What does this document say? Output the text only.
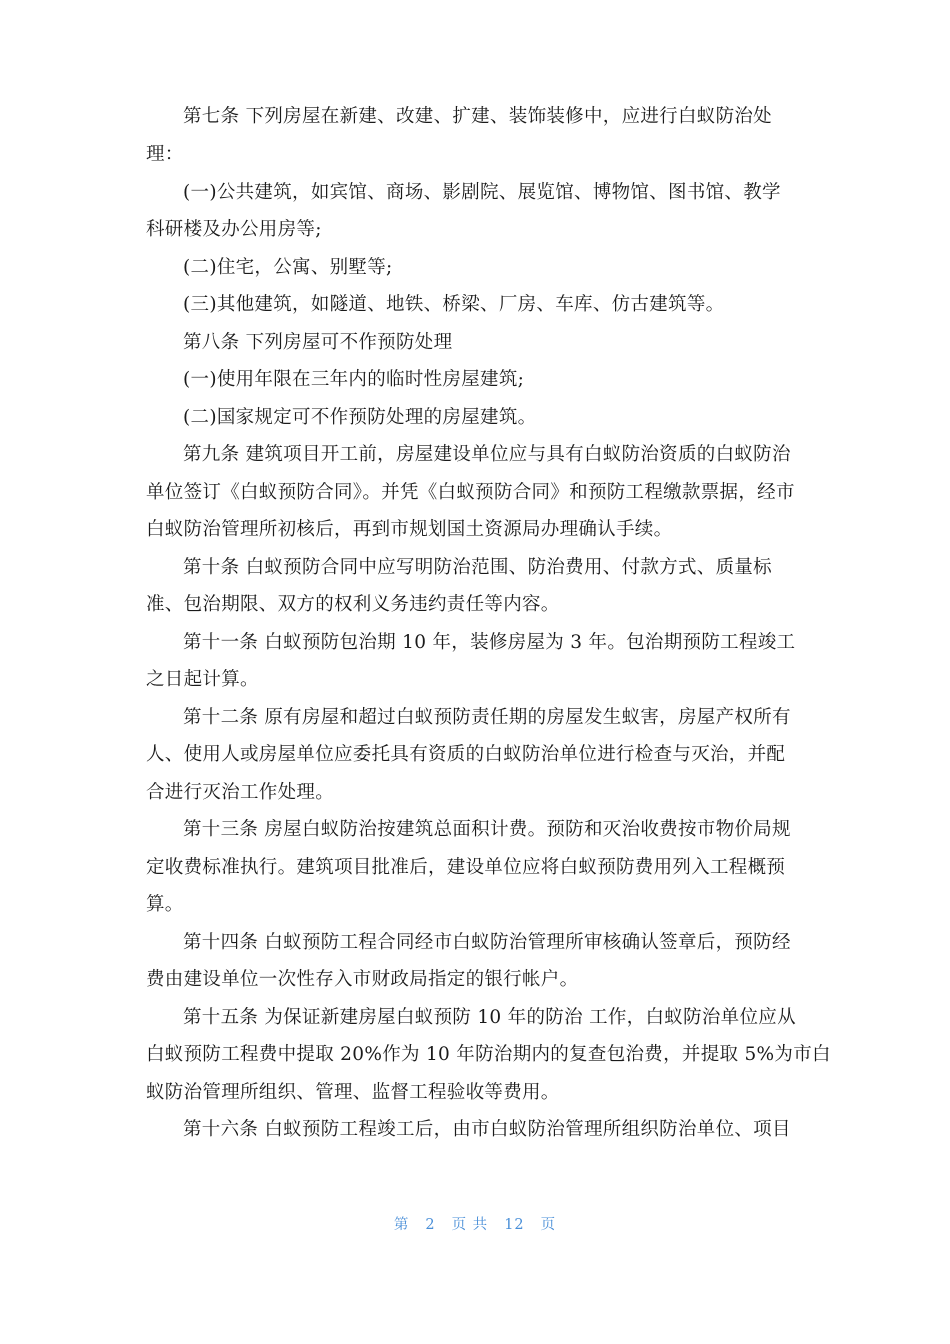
第七条 下列房屋在新建、改建、扩建、装饰装修中，应进行白蚁防治处
理：
(一)公共建筑，如宾馆、商场、影剧院、展览馆、博物馆、图书馆、教学
科研楼及办公用房等;
(二)住宅，公寓、别墅等;
(三)其他建筑，如隧道、地铁、桥梁、厂房、车库、仿古建筑等。
第八条 下列房屋可不作预防处理
(一)使用年限在三年内的临时性房屋建筑;
(二)国家规定可不作预防处理的房屋建筑。
第九条 建筑项目开工前，房屋建设单位应与具有白蚁防治资质的白蚁防治
单位签订《白蚁预防合同》。并凭《白蚁预防合同》和预防工程缴款票据，经市
白蚁防治管理所初核后，再到市规划国土资源局办理确认手续。
第十条 白蚁预防合同中应写明防治范围、防治费用、付款方式、质量标
准、包治期限、双方的权利义务违约责任等内容。
第十一条 白蚁预防包治期 10 年，装修房屋为 3 年。包治期预防工程竣工
之日起计算。
第十二条 原有房屋和超过白蚁预防责任期的房屋发生蚁害，房屋产权所有
人、使用人或房屋单位应委托具有资质的白蚁防治单位进行检查与灭治，并配
合进行灭治工作处理。
第十三条 房屋白蚁防治按建筑总面积计费。预防和灭治收费按市物价局规
定收费标准执行。建筑项目批准后，建设单位应将白蚁预防费用列入工程概预
算。
第十四条 白蚁预防工程合同经市白蚁防治管理所审核确认签章后，预防经
费由建设单位一次性存入市财政局指定的银行帐户。
第十五条 为保证新建房屋白蚁预防 10 年的防治 工作，白蚁防治单位应从
白蚁预防工程费中提取 20%作为 10 年防治期内的复查包治费，并提取 5%为市白
蚁防治管理所组织、管理、监督工程验收等费用。
第十六条 白蚁预防工程竣工后，由市白蚁防治管理所组织防治单位、项目
第 2 页 共 12 页
